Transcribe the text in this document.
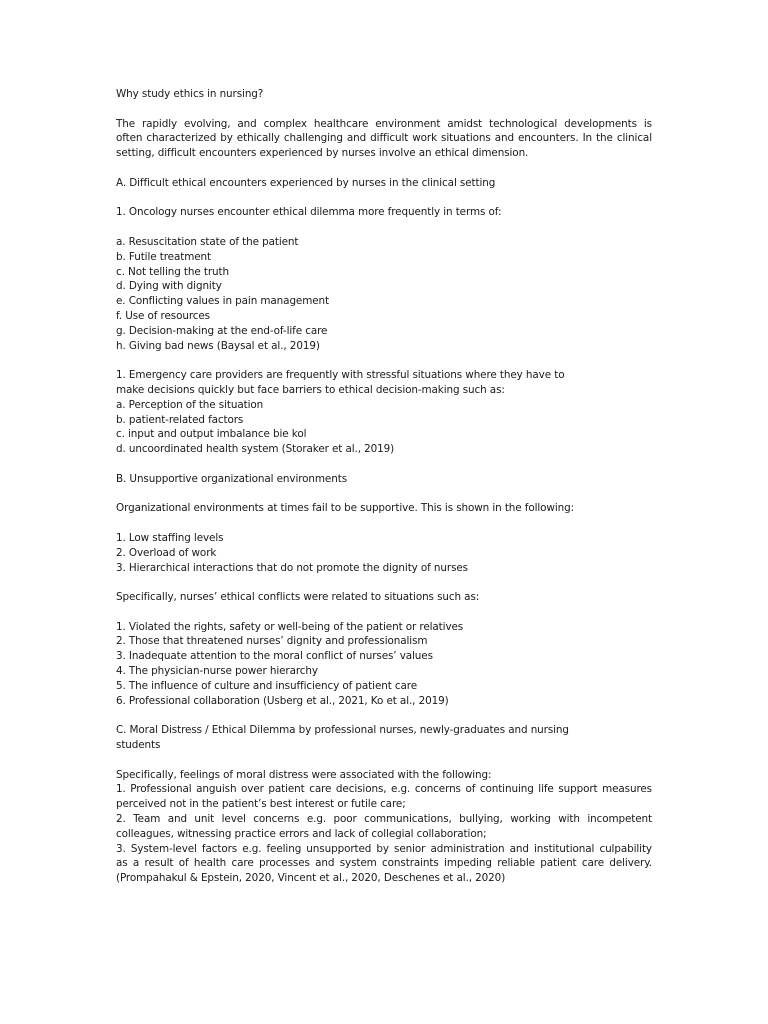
Why study ethics in nursing?
The rapidly evolving, and complex healthcare environment amidst technological developments is
often characterized by ethically challenging and difficult work situations and encounters. In the clinical
setting, difficult encounters experienced by nurses involve an ethical dimension.
A. Difficult ethical encounters experienced by nurses in the clinical setting
1. Oncology nurses encounter ethical dilemma more frequently in terms of:
a. Resuscitation state of the patient
b. Futile treatment
c. Not telling the truth
d. Dying with dignity
e. Conflicting values in pain management
f. Use of resources
g. Decision-making at the end-of-life care
h. Giving bad news (Baysal et al., 2019)
1. Emergency care providers are frequently with stressful situations where they have to
make decisions quickly but face barriers to ethical decision-making such as:
a. Perception of the situation
b. patient-related factors
c. input and output imbalance bie kol
d. uncoordinated health system (Storaker et al., 2019)
B. Unsupportive organizational environments
Organizational environments at times fail to be supportive. This is shown in the following:
1. Low staffing levels
2. Overload of work
3. Hierarchical interactions that do not promote the dignity of nurses
Specifically, nurses’ ethical conflicts were related to situations such as:
1. Violated the rights, safety or well-being of the patient or relatives
2. Those that threatened nurses’ dignity and professionalism
3. Inadequate attention to the moral conflict of nurses’ values
4. The physician-nurse power hierarchy
5. The influence of culture and insufficiency of patient care
6. Professional collaboration (Usberg et al., 2021, Ko et al., 2019)
C. Moral Distress / Ethical Dilemma by professional nurses, newly-graduates and nursing
students
Specifically, feelings of moral distress were associated with the following:
1. Professional anguish over patient care decisions, e.g. concerns of continuing life support measures
perceived not in the patient’s best interest or futile care;
2. Team and unit level concerns e.g. poor communications, bullying, working with incompetent
colleagues, witnessing practice errors and lack of collegial collaboration;
3. System-level factors e.g. feeling unsupported by senior administration and institutional culpability
as a result of health care processes and system constraints impeding reliable patient care delivery.
(Prompahakul & Epstein, 2020, Vincent et al., 2020, Deschenes et al., 2020)
